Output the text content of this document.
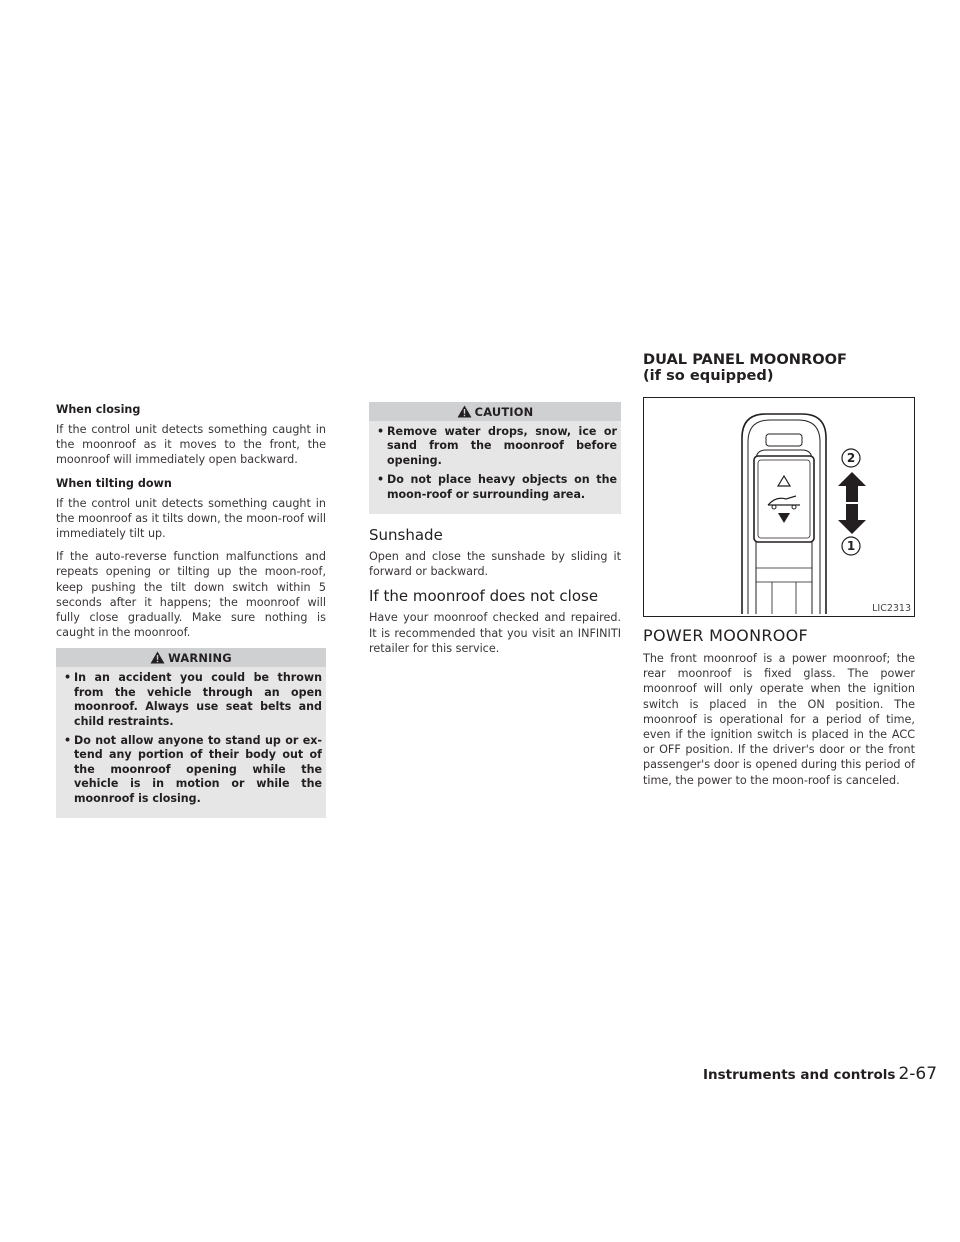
When closing

If the control unit detects something caught in the moonroof as it moves to the front, the moonroof will immediately open backward.

When tilting down

If the control unit detects something caught in the moonroof as it tilts down, the moon-roof will immediately tilt up.

If the auto-reverse function malfunctions and repeats opening or tilting up the moon-roof, keep pushing the tilt down switch within 5 seconds after it happens; the moonroof will fully close gradually. Make sure nothing is caught in the moonroof.

WARNING
• In an accident you could be thrown from the vehicle through an open moonroof. Always use seat belts and child restraints.
• Do not allow anyone to stand up or ex-tend any portion of their body out of the moonroof opening while the vehicle is in motion or while the moonroof is closing.
CAUTION
• Remove water drops, snow, ice or sand from the moonroof before opening.
• Do not place heavy objects on the moon-roof or surrounding area.
Sunshade

Open and close the sunshade by sliding it forward or backward.

If the moonroof does not close

Have your moonroof checked and repaired. It is recommended that you visit an INFINITI retailer for this service.

DUAL PANEL MOONROOF
(if so equipped)
2
1
LIC2313
POWER MOONROOF

The front moonroof is a power moonroof; the rear moonroof is fixed glass. The power moonroof will only operate when the ignition switch is placed in the ON position. The moonroof is operational for a period of time, even if the ignition switch is placed in the ACC or OFF position. If the driver's door or the front passenger's door is opened during this period of time, the power to the moon-roof is canceled.

Instruments and controls 2-67
